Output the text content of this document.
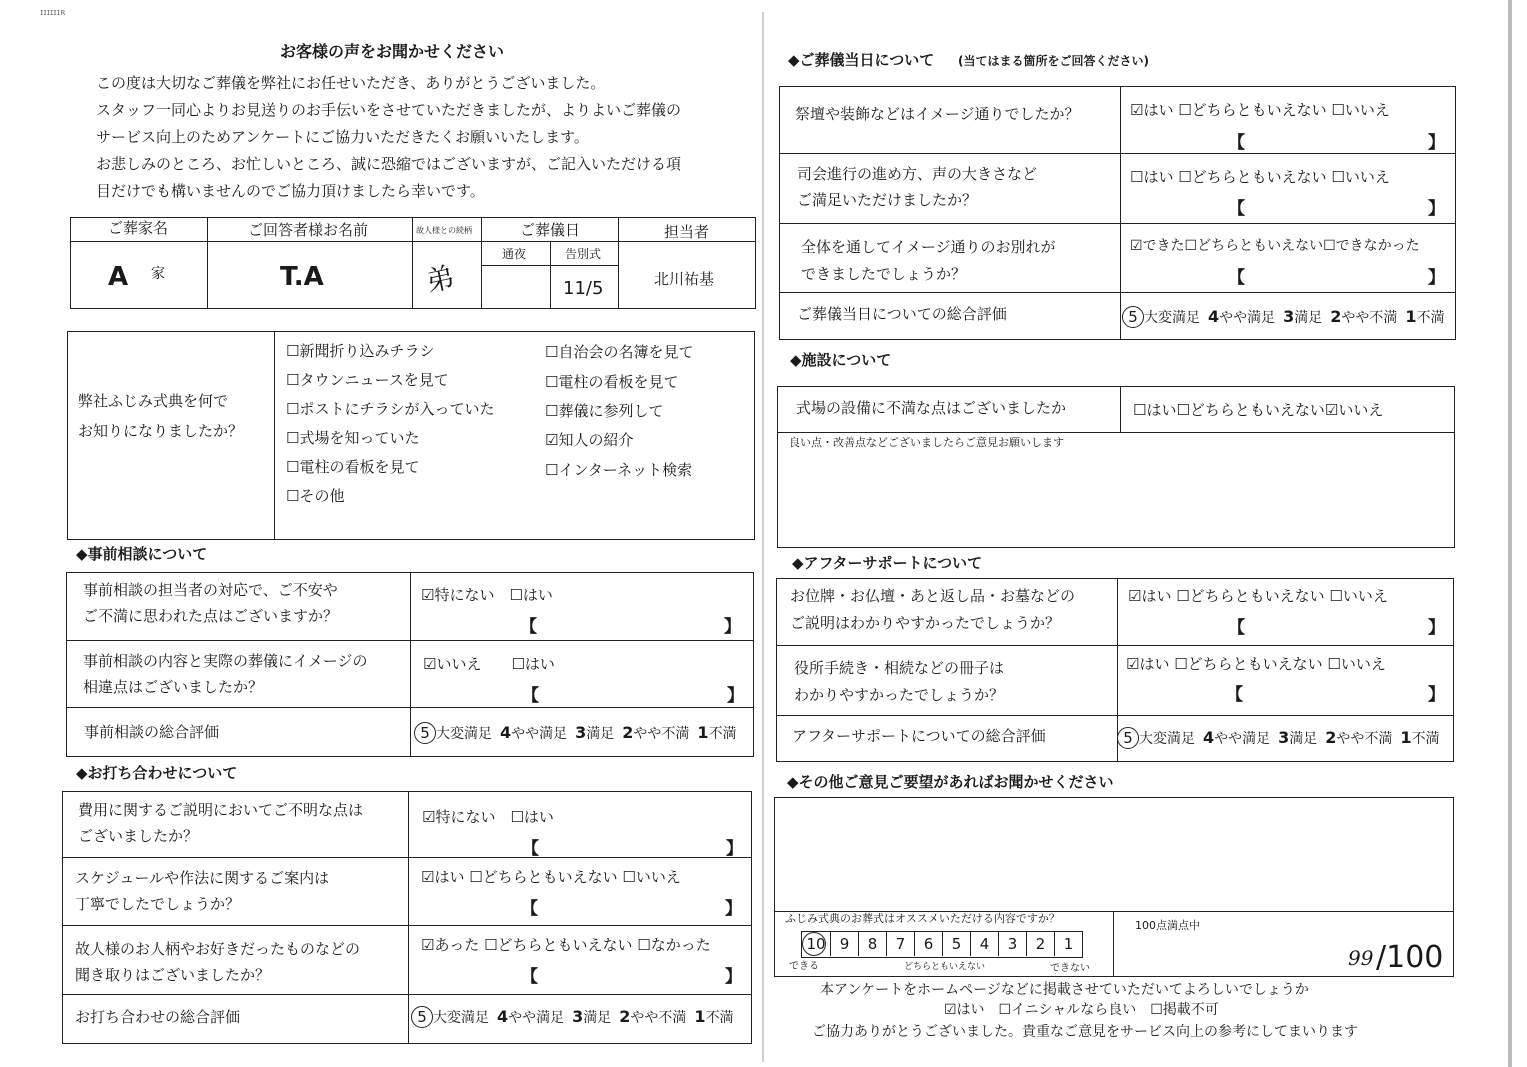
ɪɪɪɪɪɪʀ
お客様の声をお聞かせください
この度は大切なご葬儀を弊社にお任せいただき、ありがとうございました。
スタッフ一同心よりお見送りのお手伝いをさせていただきましたが、よりよいご葬儀の
サービス向上のためアンケートにご協力いただきたくお願いいたします。
お悲しみのところ、お忙しいところ、誠に恐縮ではございますが、ご記入いただける項
目だけでも構いませんのでご協力頂けましたら幸いです。
ご葬家名	ご回答者様お名前	故人様との続柄	ご葬儀日	担当者
通夜	告別式
A 家	T.A	弟	11/5	北川祐基
弊社ふじみ式典を何で
お知りになりましたか？
☐新聞折り込みチラシ
☐タウンニュースを見て
☐ポストにチラシが入っていた
☐式場を知っていた
☐電柱の看板を見て
☐その他
☐自治会の名簿を見て
☐電柱の看板を見て
☐葬儀に参列して
☑知人の紹介
☐インターネット検索
◆事前相談について
事前相談の担当者の対応で、ご不安や
ご不満に思われた点はございますか？
☑特にない　☐はい
【	】
事前相談の内容と実際の葬儀にイメージの
相違点はございましたか？
☑いいえ　　☐はい
【	】
事前相談の総合評価	5 大変満足 4やや満足 3満足 2やや不満 1不満
◆お打ち合わせについて
費用に関するご説明においてご不明な点は
ございましたか？
☑特にない　☐はい
【	】
スケジュールや作法に関するご案内は
丁寧でしたでしょうか？
☑はい ☐どちらともいえない ☐いいえ
【	】
故人様のお人柄やお好きだったものなどの
聞き取りはございましたか？
☑あった ☐どちらともいえない ☐なかった
【	】
お打ち合わせの総合評価	5 大変満足 4やや満足 3満足 2やや不満 1不満
◆ご葬儀当日について (当てはまる箇所をご回答ください)
祭壇や装飾などはイメージ通りでしたか？	☑はい ☐どちらともいえない ☐いいえ
【	】
司会進行の進め方、声の大きさなど
ご満足いただけましたか？
☐はい ☐どちらともいえない ☐いいえ
【	】
全体を通してイメージ通りのお別れが
できましたでしょうか？
☑できた☐どちらともいえない☐できなかった
【	】
ご葬儀当日についての総合評価	5 大変満足 4やや満足 3満足 2やや不満 1不満
◆施設について
式場の設備に不満な点はございましたか	☐はい☐どちらともいえない☑いいえ
良い点・改善点などございましたらご意見お願いします
◆アフターサポートについて
お位牌・お仏壇・あと返し品・お墓などの
ご説明はわかりやすかったでしょうか？
☑はい ☐どちらともいえない ☐いいえ
【	】
役所手続き・相続などの冊子は
わかりやすかったでしょうか？
☑はい ☐どちらともいえない ☐いいえ
【	】
アフターサポートについての総合評価	5 大変満足 4やや満足 3満足 2やや不満 1不満
◆その他ご意見ご要望があればお聞かせください
ふじみ式典のお葬式はオススメいただける内容ですか？
10 9	8	7	6	5	4	3	2	1
できる	どちらともいえない	できない
100点満点中
99 /100
本アンケートをホームページなどに掲載させていただいてよろしいでしょうか
☑はい　☐イニシャルなら良い　☐掲載不可
ご協力ありがとうございました。貴重なご意見をサービス向上の参考にしてまいります
